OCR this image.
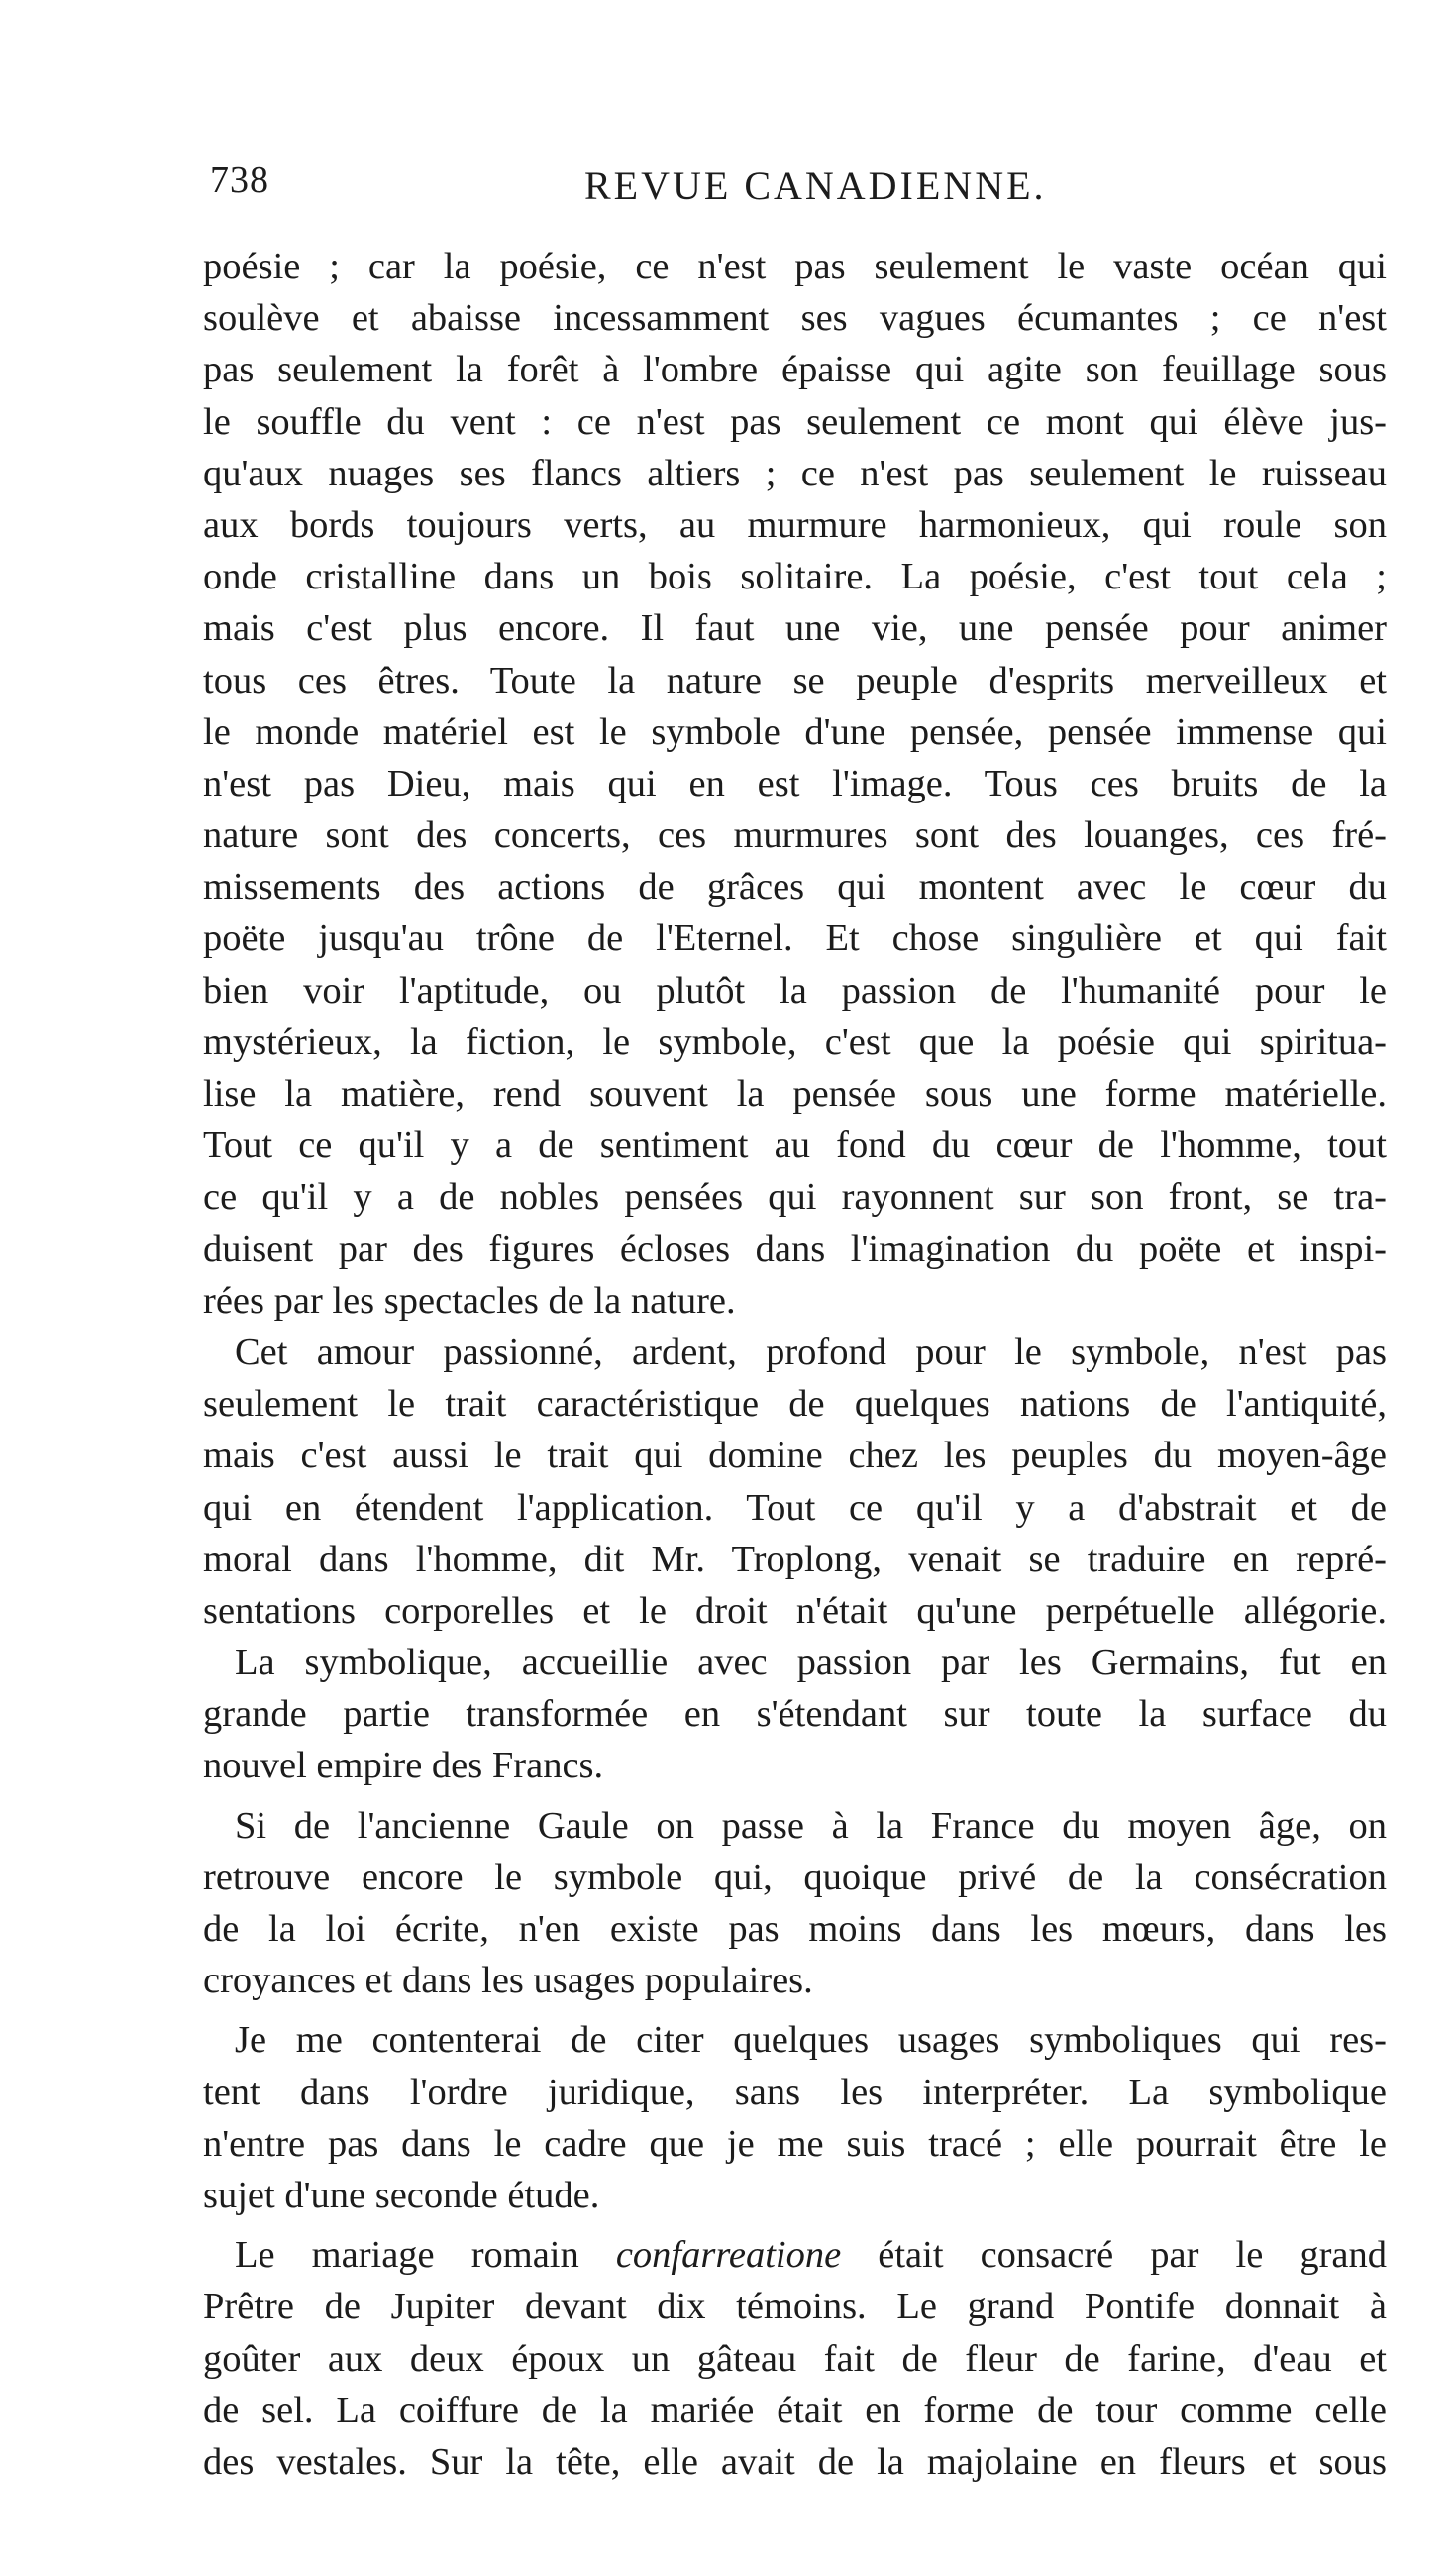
738	REVUE CANADIENNE.
poésie ; car la poésie, ce n'est pas seulement le vaste océan qui
soulève et abaisse incessamment ses vagues écumantes ; ce n'est
pas seulement la forêt à l'ombre épaisse qui agite son feuillage sous
le souffle du vent : ce n'est pas seulement ce mont qui élève jus-
qu'aux nuages ses flancs altiers ; ce n'est pas seulement le ruisseau
aux bords toujours verts, au murmure harmonieux, qui roule son
onde cristalline dans un bois solitaire. La poésie, c'est tout cela ;
mais c'est plus encore. Il faut une vie, une pensée pour animer
tous ces êtres. Toute la nature se peuple d'esprits merveilleux et
le monde matériel est le symbole d'une pensée, pensée immense qui
n'est pas Dieu, mais qui en est l'image. Tous ces bruits de la
nature sont des concerts, ces murmures sont des louanges, ces fré-
missements des actions de grâces qui montent avec le cœur du
poëte jusqu'au trône de l'Eternel. Et chose singulière et qui fait
bien voir l'aptitude, ou plutôt la passion de l'humanité pour le
mystérieux, la fiction, le symbole, c'est que la poésie qui spiritua-
lise la matière, rend souvent la pensée sous une forme matérielle.
Tout ce qu'il y a de sentiment au fond du cœur de l'homme, tout
ce qu'il y a de nobles pensées qui rayonnent sur son front, se tra-
duisent par des figures écloses dans l'imagination du poëte et inspi-
rées par les spectacles de la nature.
Cet amour passionné, ardent, profond pour le symbole, n'est pas
seulement le trait caractéristique de quelques nations de l'antiquité,
mais c'est aussi le trait qui domine chez les peuples du moyen-âge
qui en étendent l'application. Tout ce qu'il y a d'abstrait et de
moral dans l'homme, dit Mr. Troplong, venait se traduire en repré-
sentations corporelles et le droit n'était qu'une perpétuelle allégorie.
La symbolique, accueillie avec passion par les Germains, fut en
grande partie transformée en s'étendant sur toute la surface du
nouvel empire des Francs.
Si de l'ancienne Gaule on passe à la France du moyen âge, on
retrouve encore le symbole qui, quoique privé de la consécration
de la loi écrite, n'en existe pas moins dans les mœurs, dans les
croyances et dans les usages populaires.
Je me contenterai de citer quelques usages symboliques qui res-
tent dans l'ordre juridique, sans les interpréter. La symbolique
n'entre pas dans le cadre que je me suis tracé ; elle pourrait être le
sujet d'une seconde étude.
Le mariage romain confarreatione était consacré par le grand
Prêtre de Jupiter devant dix témoins. Le grand Pontife donnait à
goûter aux deux époux un gâteau fait de fleur de farine, d'eau et
de sel. La coiffure de la mariée était en forme de tour comme celle
des vestales. Sur la tête, elle avait de la majolaine en fleurs et sous
